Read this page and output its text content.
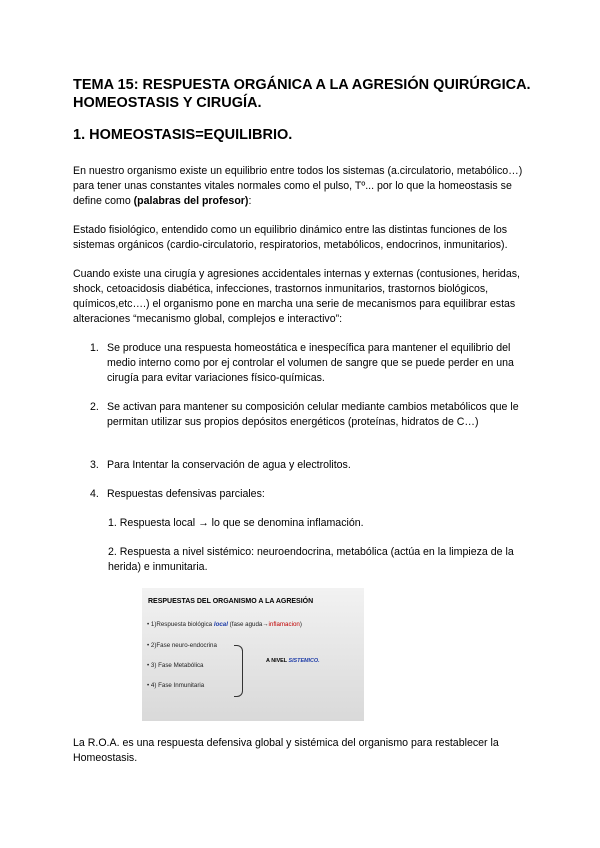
TEMA 15: RESPUESTA ORGÁNICA A LA AGRESIÓN QUIRÚRGICA. HOMEOSTASIS Y CIRUGÍA.
1. HOMEOSTASIS=EQUILIBRIO.
En nuestro organismo existe un equilibrio entre todos los sistemas (a.circulatorio, metabólico…) para tener unas constantes vitales normales como el pulso, Tº... por lo que la homeostasis se define como (palabras del profesor):
Estado fisiológico, entendido como un equilibrio dinámico entre las distintas funciones de los sistemas orgánicos (cardio-circulatorio, respiratorios, metabólicos, endocrinos, inmunitarios).
Cuando existe una cirugía y agresiones accidentales internas y externas (contusiones, heridas, shock, cetoacidosis diabética, infecciones, trastornos inmunitarios, trastornos biológicos, químicos,etc….) el organismo pone en marcha una serie de mecanismos para equilibrar estas alteraciones “mecanismo global, complejos e interactivo”:
1. Se produce una respuesta homeostática e inespecífica para mantener el equilibrio del medio interno como por ej controlar el volumen de sangre que se puede perder en una cirugía para evitar variaciones físico-químicas.
2. Se activan para mantener su composición celular mediante cambios metabólicos que le permitan utilizar sus propios depósitos energéticos (proteínas, hidratos de C…)
3. Para Intentar la conservación de agua y electrolitos.
4. Respuestas defensivas parciales:
1. Respuesta local → lo que se denomina inflamación.
2. Respuesta a nivel sistémico: neuroendocrina, metabólica (actúa en la limpieza de la herida) e inmunitaria.
RESPUESTAS DEL ORGANISMO A LA AGRESIÓN
• 1)Respuesta biológica local (fase aguda→inflamacion)
• 2)Fase neuro-endocrina
• 3) Fase Metabólica
• 4) Fase Inmunitaria
A NIVEL SISTEMICO.
La R.O.A. es una respuesta defensiva global y sistémica del organismo para restablecer la Homeostasis.
